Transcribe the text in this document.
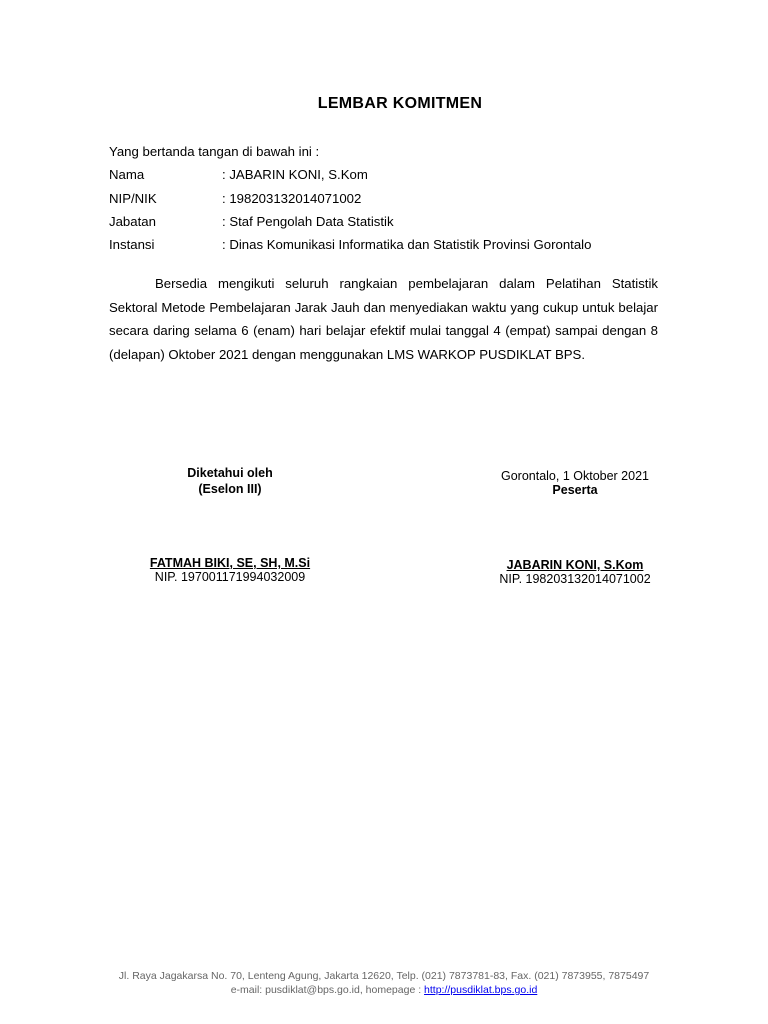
LEMBAR KOMITMEN
Yang bertanda tangan di bawah ini :
Nama	: JABARIN KONI, S.Kom
NIP/NIK	: 198203132014071002
Jabatan	: Staf Pengolah Data Statistik
Instansi	: Dinas Komunikasi Informatika dan Statistik Provinsi Gorontalo
Bersedia mengikuti seluruh rangkaian pembelajaran dalam Pelatihan Statistik Sektoral Metode Pembelajaran Jarak Jauh dan menyediakan waktu yang cukup untuk belajar secara daring selama 6 (enam) hari belajar efektif mulai tanggal 4 (empat) sampai dengan 8 (delapan) Oktober 2021 dengan menggunakan LMS WARKOP PUSDIKLAT BPS.
Diketahui oleh
(Eselon III)
FATMAH BIKI, SE, SH, M.Si
NIP. 197001171994032009
Gorontalo, 1 Oktober 2021
Peserta
JABARIN KONI, S.Kom
NIP. 198203132014071002
Jl. Raya Jagakarsa No. 70, Lenteng Agung, Jakarta 12620, Telp. (021) 7873781-83, Fax. (021) 7873955, 7875497
e-mail: pusdiklat@bps.go.id, homepage : http://pusdiklat.bps.go.id
